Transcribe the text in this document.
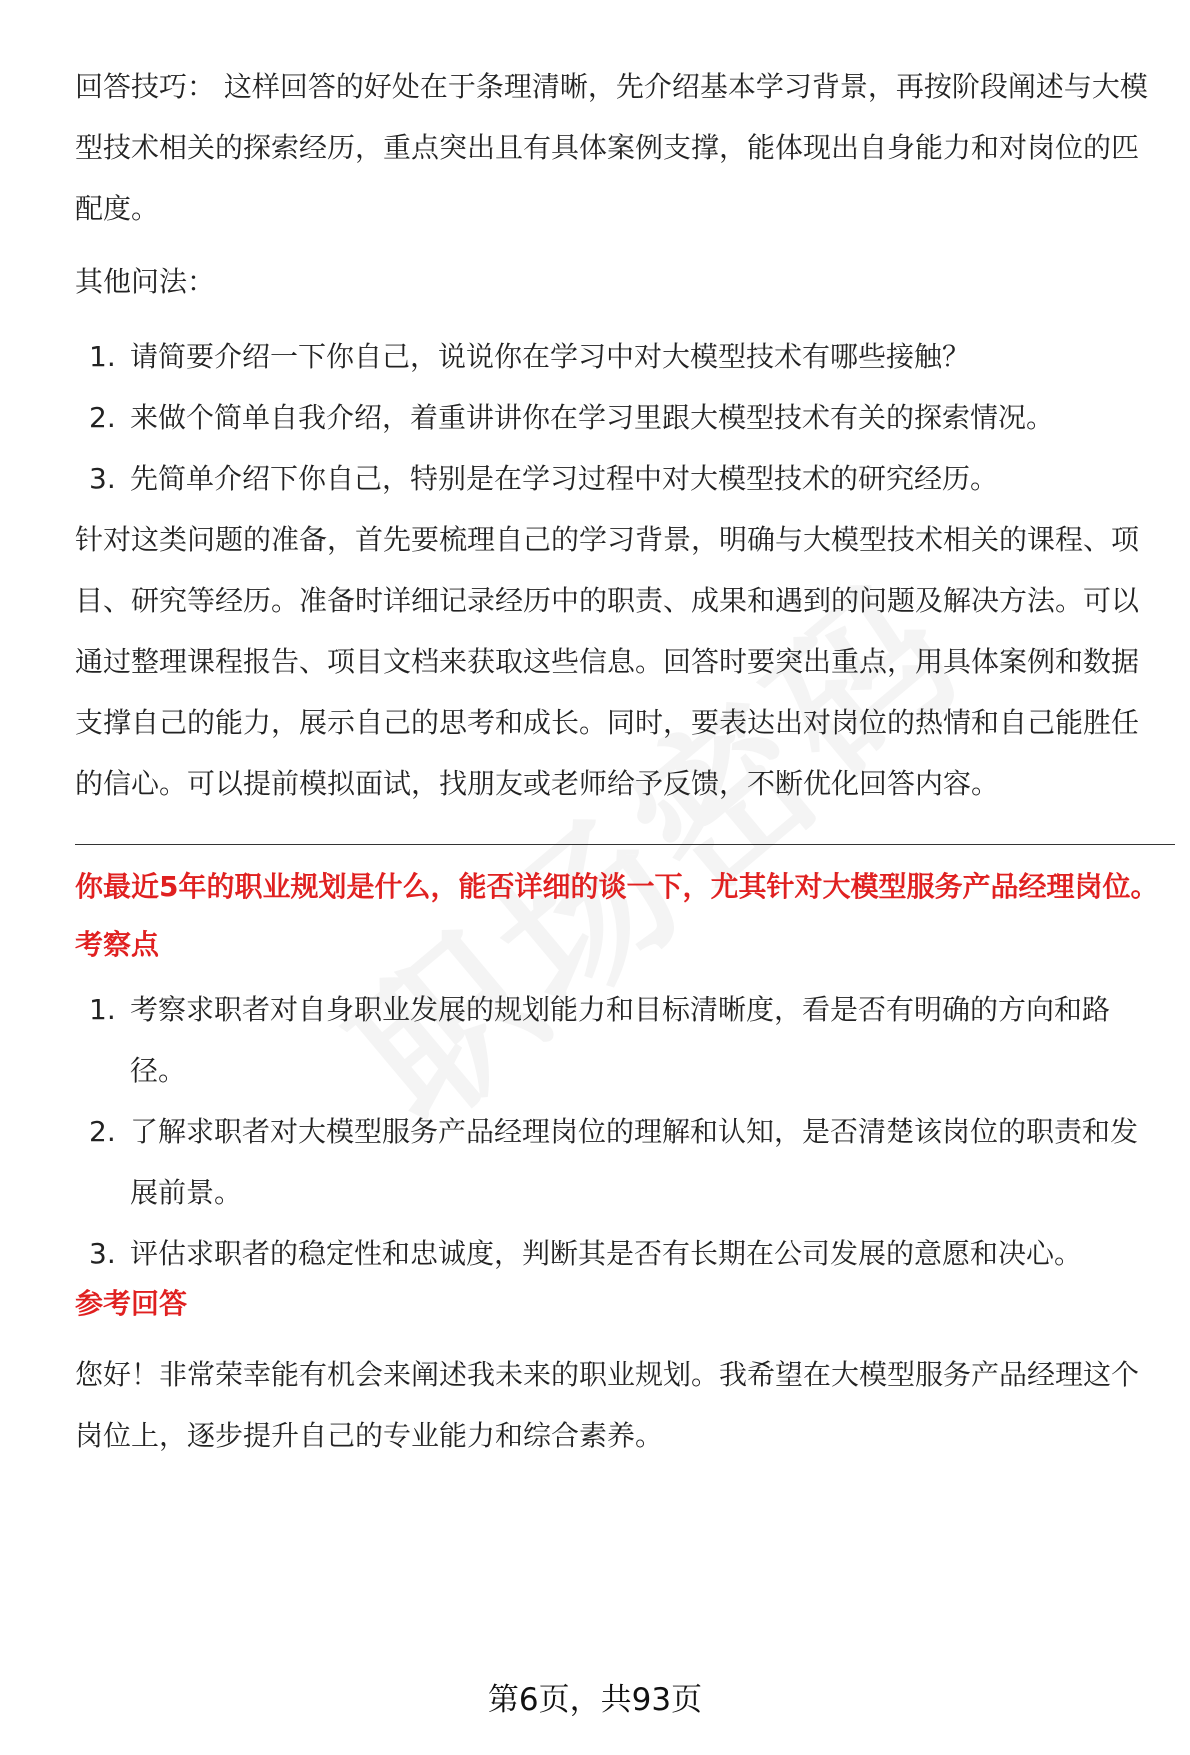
回答技巧： 这样回答的好处在于条理清晰，先介绍基本学习背景，再按阶段阐述与大模型技术相关的探索经历，重点突出且有具体案例支撑，能体现出自身能力和对岗位的匹配度。

其他问法：

1. 请简要介绍一下你自己，说说你在学习中对大模型技术有哪些接触？
2. 来做个简单自我介绍，着重讲讲你在学习里跟大模型技术有关的探索情况。
3. 先简单介绍下你自己，特别是在学习过程中对大模型技术的研究经历。

针对这类问题的准备，首先要梳理自己的学习背景，明确与大模型技术相关的课程、项目、研究等经历。准备时详细记录经历中的职责、成果和遇到的问题及解决方法。可以通过整理课程报告、项目文档来获取这些信息。回答时要突出重点，用具体案例和数据支撑自己的能力，展示自己的思考和成长。同时，要表达出对岗位的热情和自己能胜任的信心。可以提前模拟面试，找朋友或老师给予反馈，不断优化回答内容。

你最近5年的职业规划是什么，能否详细的谈一下，尤其针对大模型服务产品经理岗位。

考察点

1. 考察求职者对自身职业发展的规划能力和目标清晰度，看是否有明确的方向和路径。
2. 了解求职者对大模型服务产品经理岗位的理解和认知，是否清楚该岗位的职责和发展前景。
3. 评估求职者的稳定性和忠诚度，判断其是否有长期在公司发展的意愿和决心。

参考回答

您好！非常荣幸能有机会来阐述我未来的职业规划。我希望在大模型服务产品经理这个岗位上，逐步提升自己的专业能力和综合素养。

第6页，共93页
